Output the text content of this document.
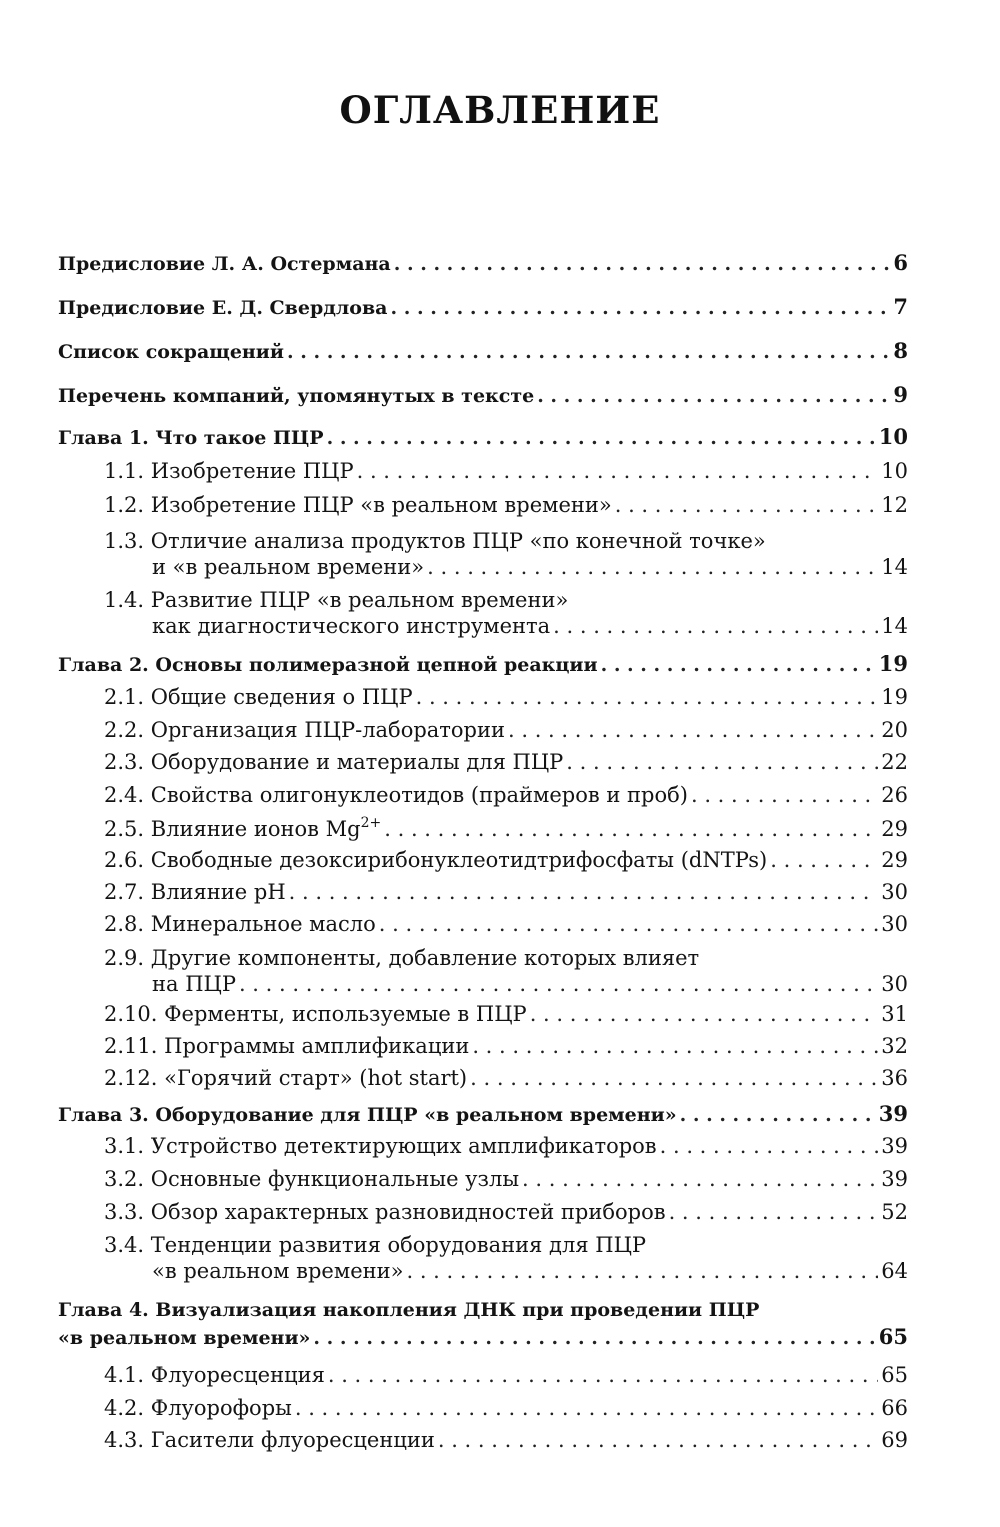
ОГЛАВЛЕНИЕ
Предисловие Л. А. Остермана . . .	6
Предисловие Е. Д. Свердлова . . .	7
Список сокращений . . .	8
Перечень компаний, упомянутых в тексте . . .	9
Глава 1. Что такое ПЦР . . .	10
1.1. Изобретение ПЦР . . .	10
1.2. Изобретение ПЦР «в реальном времени» . . .	12
1.3. Отличие анализа продуктов ПЦР «по конечной точке»
и «в реальном времени» . . .	14
1.4. Развитие ПЦР «в реальном времени»
как диагностического инструмента . . .	14
Глава 2. Основы полимеразной цепной реакции . . .	19
2.1. Общие сведения о ПЦР . . .	19
2.2. Организация ПЦР-лаборатории . . .	20
2.3. Оборудование и материалы для ПЦР . . .	22
2.4. Свойства олигонуклеотидов (праймеров и проб) . . .	26
2.5. Влияние ионов $Mg^{2+}$ . . .	29
2.6. Свободные дезоксирибонуклеотидтрифосфаты (dNTPs) . . .	29
2.7. Влияние pH . . .	30
2.8. Минеральное масло . . .	30
2.9. Другие компоненты, добавление которых влияет
на ПЦР . . .	30
2.10. Ферменты, используемые в ПЦР . . .	31
2.11. Программы амплификации . . .	32
2.12. «Горячий старт» (hot start) . . .	36
Глава 3. Оборудование для ПЦР «в реальном времени» . . .	39
3.1. Устройство детектирующих амплификаторов . . .	39
3.2. Основные функциональные узлы . . .	39
3.3. Обзор характерных разновидностей приборов . . .	52
3.4. Тенденции развития оборудования для ПЦР
«в реальном времени» . . .	64
Глава 4. Визуализация накопления ДНК при проведении ПЦР
«в реальном времени» . . .	65
4.1. Флуоресценция . . .	65
4.2. Флуорофоры . . .	66
4.3. Гасители флуоресценции . . .	69
